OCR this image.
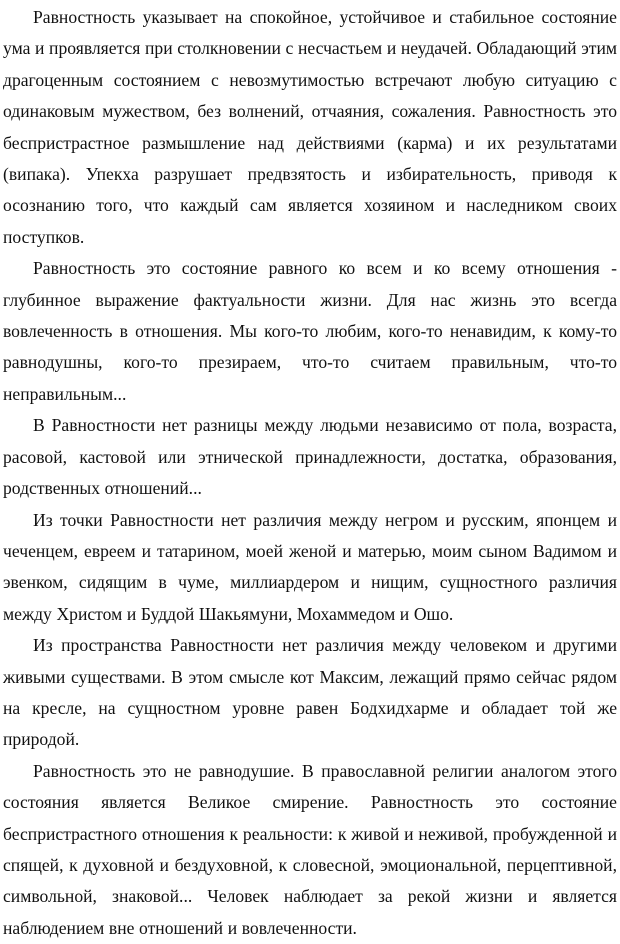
Равностность указывает на спокойное, устойчивое и стабильное состояние ума и проявляется при столкновении с несчастьем и неудачей. Обладающий этим драгоценным состоянием с невозмутимостью встречают любую ситуацию с одинаковым мужеством, без волнений, отчаяния, сожаления. Равностность это беспристрастное размышление над действиями (карма) и их результатами (випака). Упекха разрушает предвзятость и избирательность, приводя к осознанию того, что каждый сам является хозяином и наследником своих поступков.

Равностность это состояние равного ко всем и ко всему отношения - глубинное выражение фактуальности жизни. Для нас жизнь это всегда вовлеченность в отношения. Мы кого-то любим, кого-то ненавидим, к кому-то равнодушны, кого-то презираем, что-то считаем правильным, что-то неправильным...

В Равностности нет разницы между людьми независимо от пола, возраста, расовой, кастовой или этнической принадлежности, достатка, образования, родственных отношений...

Из точки Равностности нет различия между негром и русским, японцем и чеченцем, евреем и татарином, моей женой и матерью, моим сыном Вадимом и эвенком, сидящим в чуме, миллиардером и нищим, сущностного различия между Христом и Буддой Шакьямуни, Мохаммедом и Ошо.

Из пространства Равностности нет различия между человеком и другими живыми существами. В этом смысле кот Максим, лежащий прямо сейчас рядом на кресле, на сущностном уровне равен Бодхидхарме и обладает той же природой.

Равностность это не равнодушие. В православной религии аналогом этого состояния является Великое смирение. Равностность это состояние беспристрастного отношения к реальности: к живой и неживой, пробужденной и спящей, к духовной и бездуховной, к словесной, эмоциональной, перцептивной, символьной, знаковой... Человек наблюдает за рекой жизни и является наблюдением вне отношений и вовлеченности.
